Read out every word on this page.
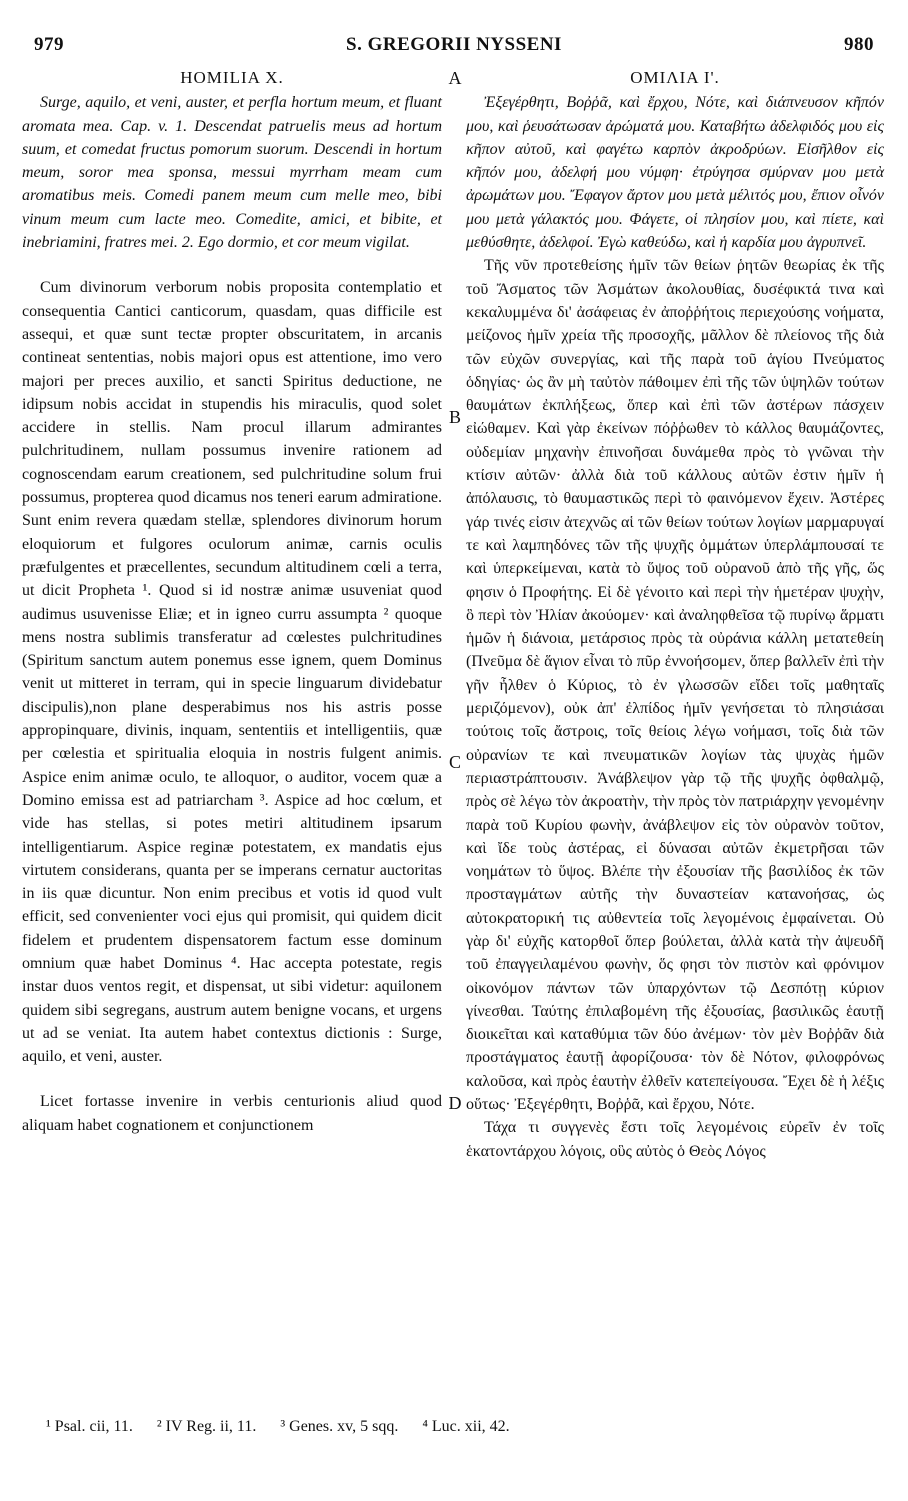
979	S. GREGORII NYSSENI	980
HOMILIA X.

Surge, aquilo, et veni, auster, et perfla hortum meum, et fluant aromata mea. Cap. v. 1. Descendat patruelis meus ad hortum suum, et comedat fructus pomorum suorum. Descendi in hortum meum, soror mea sponsa, messui myrrham meam cum aromatibus meis. Comedi panem meum cum melle meo, bibi vinum meum cum lacte meo. Comedite, amici, et bibite, et inebriamini, fratres mei. 2. Ego dormio, et cor meum vigilat.

Cum divinorum verborum nobis proposita contemplatio et consequentia Cantici canticorum, quasdam, quas difficile est assequi, et quæ sunt tectæ propter obscuritatem, in arcanis contineat sententias, nobis majori opus est attentione, imo vero majori per preces auxilio, et sancti Spiritus deductione, ne idipsum nobis accidat in stupendis his miraculis, quod solet accidere in stellis. Nam procul illarum admirantes pulchritudinem, nullam possumus invenire rationem ad cognoscendam earum creationem, sed pulchritudine solum frui possumus, propterea quod dicamus nos teneri earum admiratione. Sunt enim revera quædam stellæ, splendores divinorum horum eloquiorum et fulgores oculorum animæ, carnis oculis præfulgentes et præcellentes, secundum altitudinem cœli a terra, ut dicit Propheta ¹. Quod si id nostræ animæ usuveniat quod audimus usuvenisse Eliæ; et in igneo curru assumpta ² quoque mens nostra sublimis transferatur ad cœlestes pulchritudines (Spiritum sanctum autem ponemus esse ignem, quem Dominus venit ut mitteret in terram, qui in specie linguarum dividebatur discipulis),non plane desperabimus nos his astris posse appropinquare, divinis, inquam, sententiis et intelligentiis, quæ per cœlestia et spiritualia eloquia in nostris fulgent animis. Aspice enim animæ oculo, te alloquor, o auditor, vocem quæ a Domino emissa est ad patriarcham ³. Aspice ad hoc cœlum, et vide has stellas, si potes metiri altitudinem ipsarum intelligentiarum. Aspice reginæ potestatem, ex mandatis ejus virtutem considerans, quanta per se imperans cernatur auctoritas in iis quæ dicuntur. Non enim precibus et votis id quod vult efficit, sed convenienter voci ejus qui promisit, qui quidem dicit fidelem et prudentem dispensatorem factum esse dominum omnium quæ habet Dominus ⁴. Hac accepta potestate, regis instar duos ventos regit, et dispensat, ut sibi videtur: aquilonem quidem sibi segregans, austrum autem benigne vocans, et urgens ut ad se veniat. Ita autem habet contextus dictionis : Surge, aquilo, et veni, auster.

Licet fortasse invenire in verbis centurionis aliud quod aliquam habet cognationem et conjunctionem

ΟΜΙΛΙΑ Ι'.

Ἐξεγέρθητι, Βοῤῥᾶ, καὶ ἔρχου, Νότε, καὶ διάπνευσον κῆπόν μου, καὶ ῥευσάτωσαν ἀρώματά μου. Καταβήτω ἀδελφιδός μου εἰς κῆπον αὐτοῦ, καὶ φαγέτω καρπὸν ἀκροδρύων. Εἰσῆλθον εἰς κῆπόν μου, ἀδελφή μου νύμφη· ἐτρύγησα σμύρναν μου μετὰ ἀρωμάτων μου. Ἔφαγον ἄρτον μου μετὰ μέλιτός μου, ἔπιον οἶνόν μου μετὰ γάλακτός μου. Φάγετε, οἱ πλησίον μου, καὶ πίετε, καὶ μεθύσθητε, ἀδελφοί. Ἐγὼ καθεύδω, καὶ ἡ καρδία μου ἀγρυπνεῖ.

Τῆς νῦν προτεθείσης ἡμῖν τῶν θείων ῥητῶν θεωρίας ἐκ τῆς τοῦ Ἄσματος τῶν Ἀσμάτων ἀκολουθίας, δυσέφικτά τινα καὶ κεκαλυμμένα δι' ἀσάφειας ἐν ἀποῤῥήτοις περιεχούσης νοήματα, μείζονος ἡμῖν χρεία τῆς προσοχῆς, μᾶλλον δὲ πλείονος τῆς διὰ τῶν εὐχῶν συνεργίας, καὶ τῆς παρὰ τοῦ ἁγίου Πνεύματος ὁδηγίας· ὡς ἂν μὴ ταὐτὸν πάθοιμεν ἐπὶ τῆς τῶν ὑψηλῶν τούτων θαυμάτων ἐκπλήξεως, ὅπερ καὶ ἐπὶ τῶν ἀστέρων πάσχειν εἰώθαμεν. Καὶ γὰρ ἐκείνων πόῤῥωθεν τὸ κάλλος θαυμάζοντες, οὐδεμίαν μηχανὴν ἐπινοῆσαι δυνάμεθα πρὸς τὸ γνῶναι τὴν κτίσιν αὐτῶν· ἀλλὰ διὰ τοῦ κάλλους αὐτῶν ἐστιν ἡμῖν ἡ ἀπόλαυσις, τὸ θαυμαστικῶς περὶ τὸ φαινόμενον ἔχειν. Ἀστέρες γάρ τινές εἰσιν ἀτεχνῶς αἱ τῶν θείων τούτων λογίων μαρμαρυγαί τε καὶ λαμπηδόνες τῶν τῆς ψυχῆς ὀμμάτων ὑπερλάμπουσαί τε καὶ ὑπερκείμεναι, κατὰ τὸ ὕψος τοῦ οὐρανοῦ ἀπὸ τῆς γῆς, ὥς φησιν ὁ Προφήτης. Εἰ δὲ γένοιτο καὶ περὶ τὴν ἡμετέραν ψυχὴν, ὃ περὶ τὸν Ἠλίαν ἀκούομεν· καὶ ἀναληφθεῖσα τῷ πυρίνῳ ἅρματι ἡμῶν ἡ διάνοια, μετάρσιος πρὸς τὰ οὐράνια κάλλη μετατεθείη (Πνεῦμα δὲ ἅγιον εἶναι τὸ πῦρ ἐννοήσομεν, ὅπερ βαλλεῖν ἐπὶ τὴν γῆν ἦλθεν ὁ Κύριος, τὸ ἐν γλωσσῶν εἴδει τοῖς μαθηταῖς μεριζόμενον), οὐκ ἀπ' ἐλπίδος ἡμῖν γενήσεται τὸ πλησιάσαι τούτοις τοῖς ἄστροις, τοῖς θείοις λέγω νοήμασι, τοῖς διὰ τῶν οὐρανίων τε καὶ πνευματικῶν λογίων τὰς ψυχὰς ἡμῶν περιαστράπτουσιν. Ἀνάβλεψον γὰρ τῷ τῆς ψυχῆς ὀφθαλμῷ, πρὸς σὲ λέγω τὸν ἀκροατὴν, τὴν πρὸς τὸν πατριάρχην γενομένην παρὰ τοῦ Κυρίου φωνὴν, ἀνάβλεψον εἰς τὸν οὐρανὸν τοῦτον, καὶ ἴδε τοὺς ἀστέρας, εἰ δύνασαι αὐτῶν ἐκμετρῆσαι τῶν νοημάτων τὸ ὕψος. Βλέπε τὴν ἐξουσίαν τῆς βασιλίδος ἐκ τῶν προσταγμάτων αὐτῆς τὴν δυναστείαν κατανοήσας, ὡς αὐτοκρατορική τις αὐθεντεία τοῖς λεγομένοις ἐμφαίνεται. Οὐ γὰρ δι' εὐχῆς κατορθοῖ ὅπερ βούλεται, ἀλλὰ κατὰ τὴν ἀψευδῆ τοῦ ἐπαγγειλαμένου φωνὴν, ὅς φησι τὸν πιστὸν καὶ φρόνιμον οἰκονόμον πάντων τῶν ὑπαρχόντων τῷ Δεσπότῃ κύριον γίνεσθαι. Ταύτης ἐπιλαβομένη τῆς ἐξουσίας, βασιλικῶς ἑαυτῇ διοικεῖται καὶ καταθύμια τῶν δύο ἀνέμων· τὸν μὲν Βοῤῥᾶν διὰ προστάγματος ἑαυτῇ ἀφορίζουσα· τὸν δὲ Νότον, φιλοφρόνως καλοῦσα, καὶ πρὸς ἑαυτὴν ἐλθεῖν κατεπείγουσα. Ἔχει δὲ ἡ λέξις οὕτως· Ἐξεγέρθητι, Βοῤῥᾶ, καὶ ἔρχου, Νότε.

Τάχα τι συγγενὲς ἔστι τοῖς λεγομένοις εὑρεῖν ἐν τοῖς ἑκατοντάρχου λόγοις, οὓς αὐτὸς ὁ Θεὸς Λόγος

A
B
C
D
¹ Psal. cii, 11. ² IV Reg. ii, 11. ³ Genes. xv, 5 sqq. ⁴ Luc. xii, 42.
